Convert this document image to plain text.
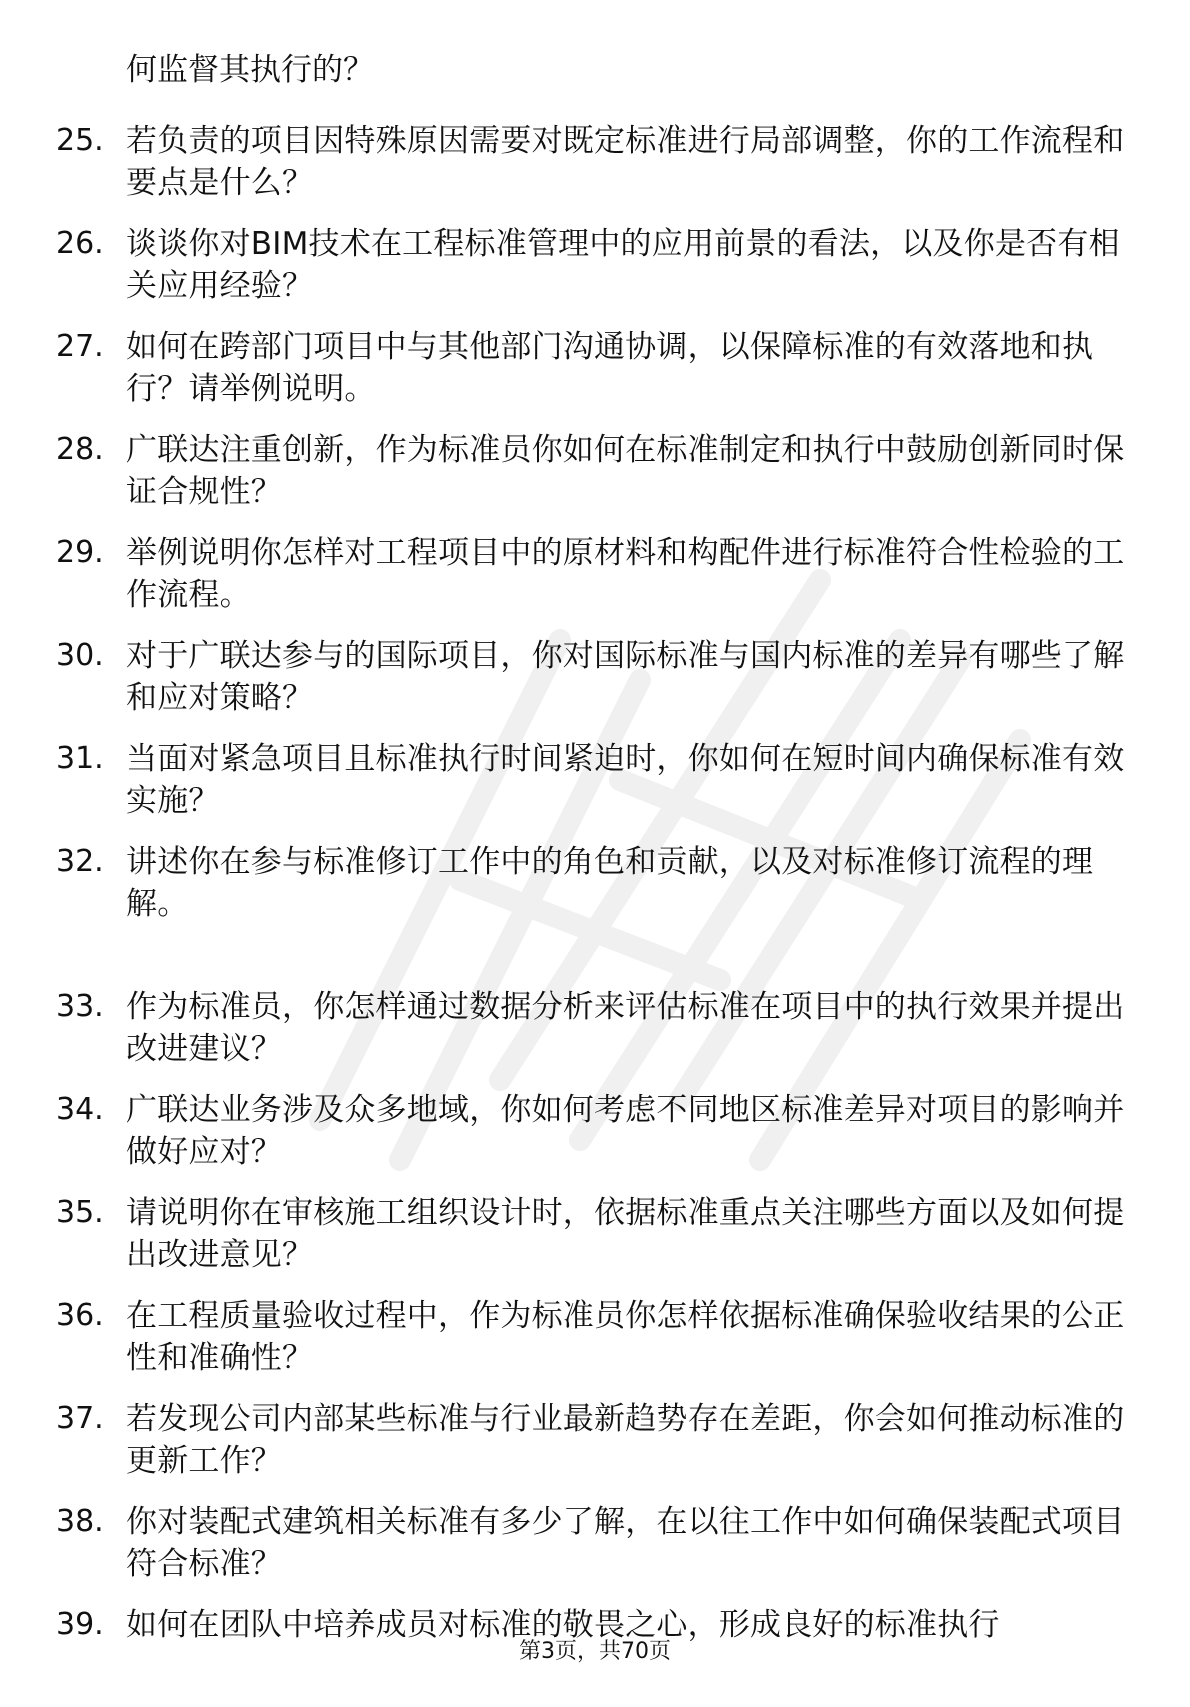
何监督其执行的？

25. 若负责的项目因特殊原因需要对既定标准进行局部调整，你的工作流程和要点是什么？
26. 谈谈你对BIM技术在工程标准管理中的应用前景的看法，以及你是否有相关应用经验？
27. 如何在跨部门项目中与其他部门沟通协调，以保障标准的有效落地和执行？请举例说明。
28. 广联达注重创新，作为标准员你如何在标准制定和执行中鼓励创新同时保证合规性？
29. 举例说明你怎样对工程项目中的原材料和构配件进行标准符合性检验的工作流程。
30. 对于广联达参与的国际项目，你对国际标准与国内标准的差异有哪些了解和应对策略？
31. 当面对紧急项目且标准执行时间紧迫时，你如何在短时间内确保标准有效实施？
32. 讲述你在参与标准修订工作中的角色和贡献，以及对标准修订流程的理解。
33. 作为标准员，你怎样通过数据分析来评估标准在项目中的执行效果并提出改进建议？
34. 广联达业务涉及众多地域，你如何考虑不同地区标准差异对项目的影响并做好应对？
35. 请说明你在审核施工组织设计时，依据标准重点关注哪些方面以及如何提出改进意见？
36. 在工程质量验收过程中，作为标准员你怎样依据标准确保验收结果的公正性和准确性？
37. 若发现公司内部某些标准与行业最新趋势存在差距，你会如何推动标准的更新工作？
38. 你对装配式建筑相关标准有多少了解，在以往工作中如何确保装配式项目符合标准？
39. 如何在团队中培养成员对标准的敬畏之心，形成良好的标准执行
第3页，共70页
